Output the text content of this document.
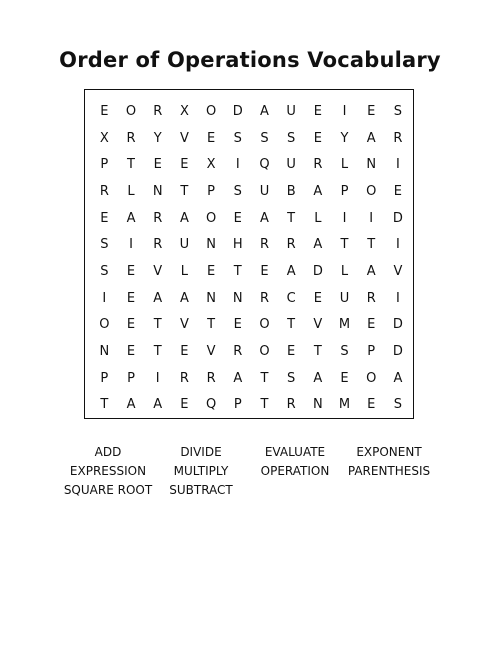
Order of Operations Vocabulary
E	O	R	X	O	D	A	U	E	I	E	S
X	R	Y	V	E	S	S	S	E	Y	A	R
P	T	E	E	X	I	Q	U	R	L	N	I
R	L	N	T	P	S	U	B	A	P	O	E
E	A	R	A	O	E	A	T	L	I	I	D
S	I	R	U	N	H	R	R	A	T	T	I
S	E	V	L	E	T	E	A	D	L	A	V
I	E	A	A	N	N	R	C	E	U	R	I
O	E	T	V	T	E	O	T	V	M	E	D
N	E	T	E	V	R	O	E	T	S	P	D
P	P	I	R	R	A	T	S	A	E	O	A
T	A	A	E	Q	P	T	R	N	M	E	S
ADD	DIVIDE	EVALUATE	EXPONENT
EXPRESSION	MULTIPLY	OPERATION	PARENTHESIS
SQUARE ROOT	SUBTRACT
